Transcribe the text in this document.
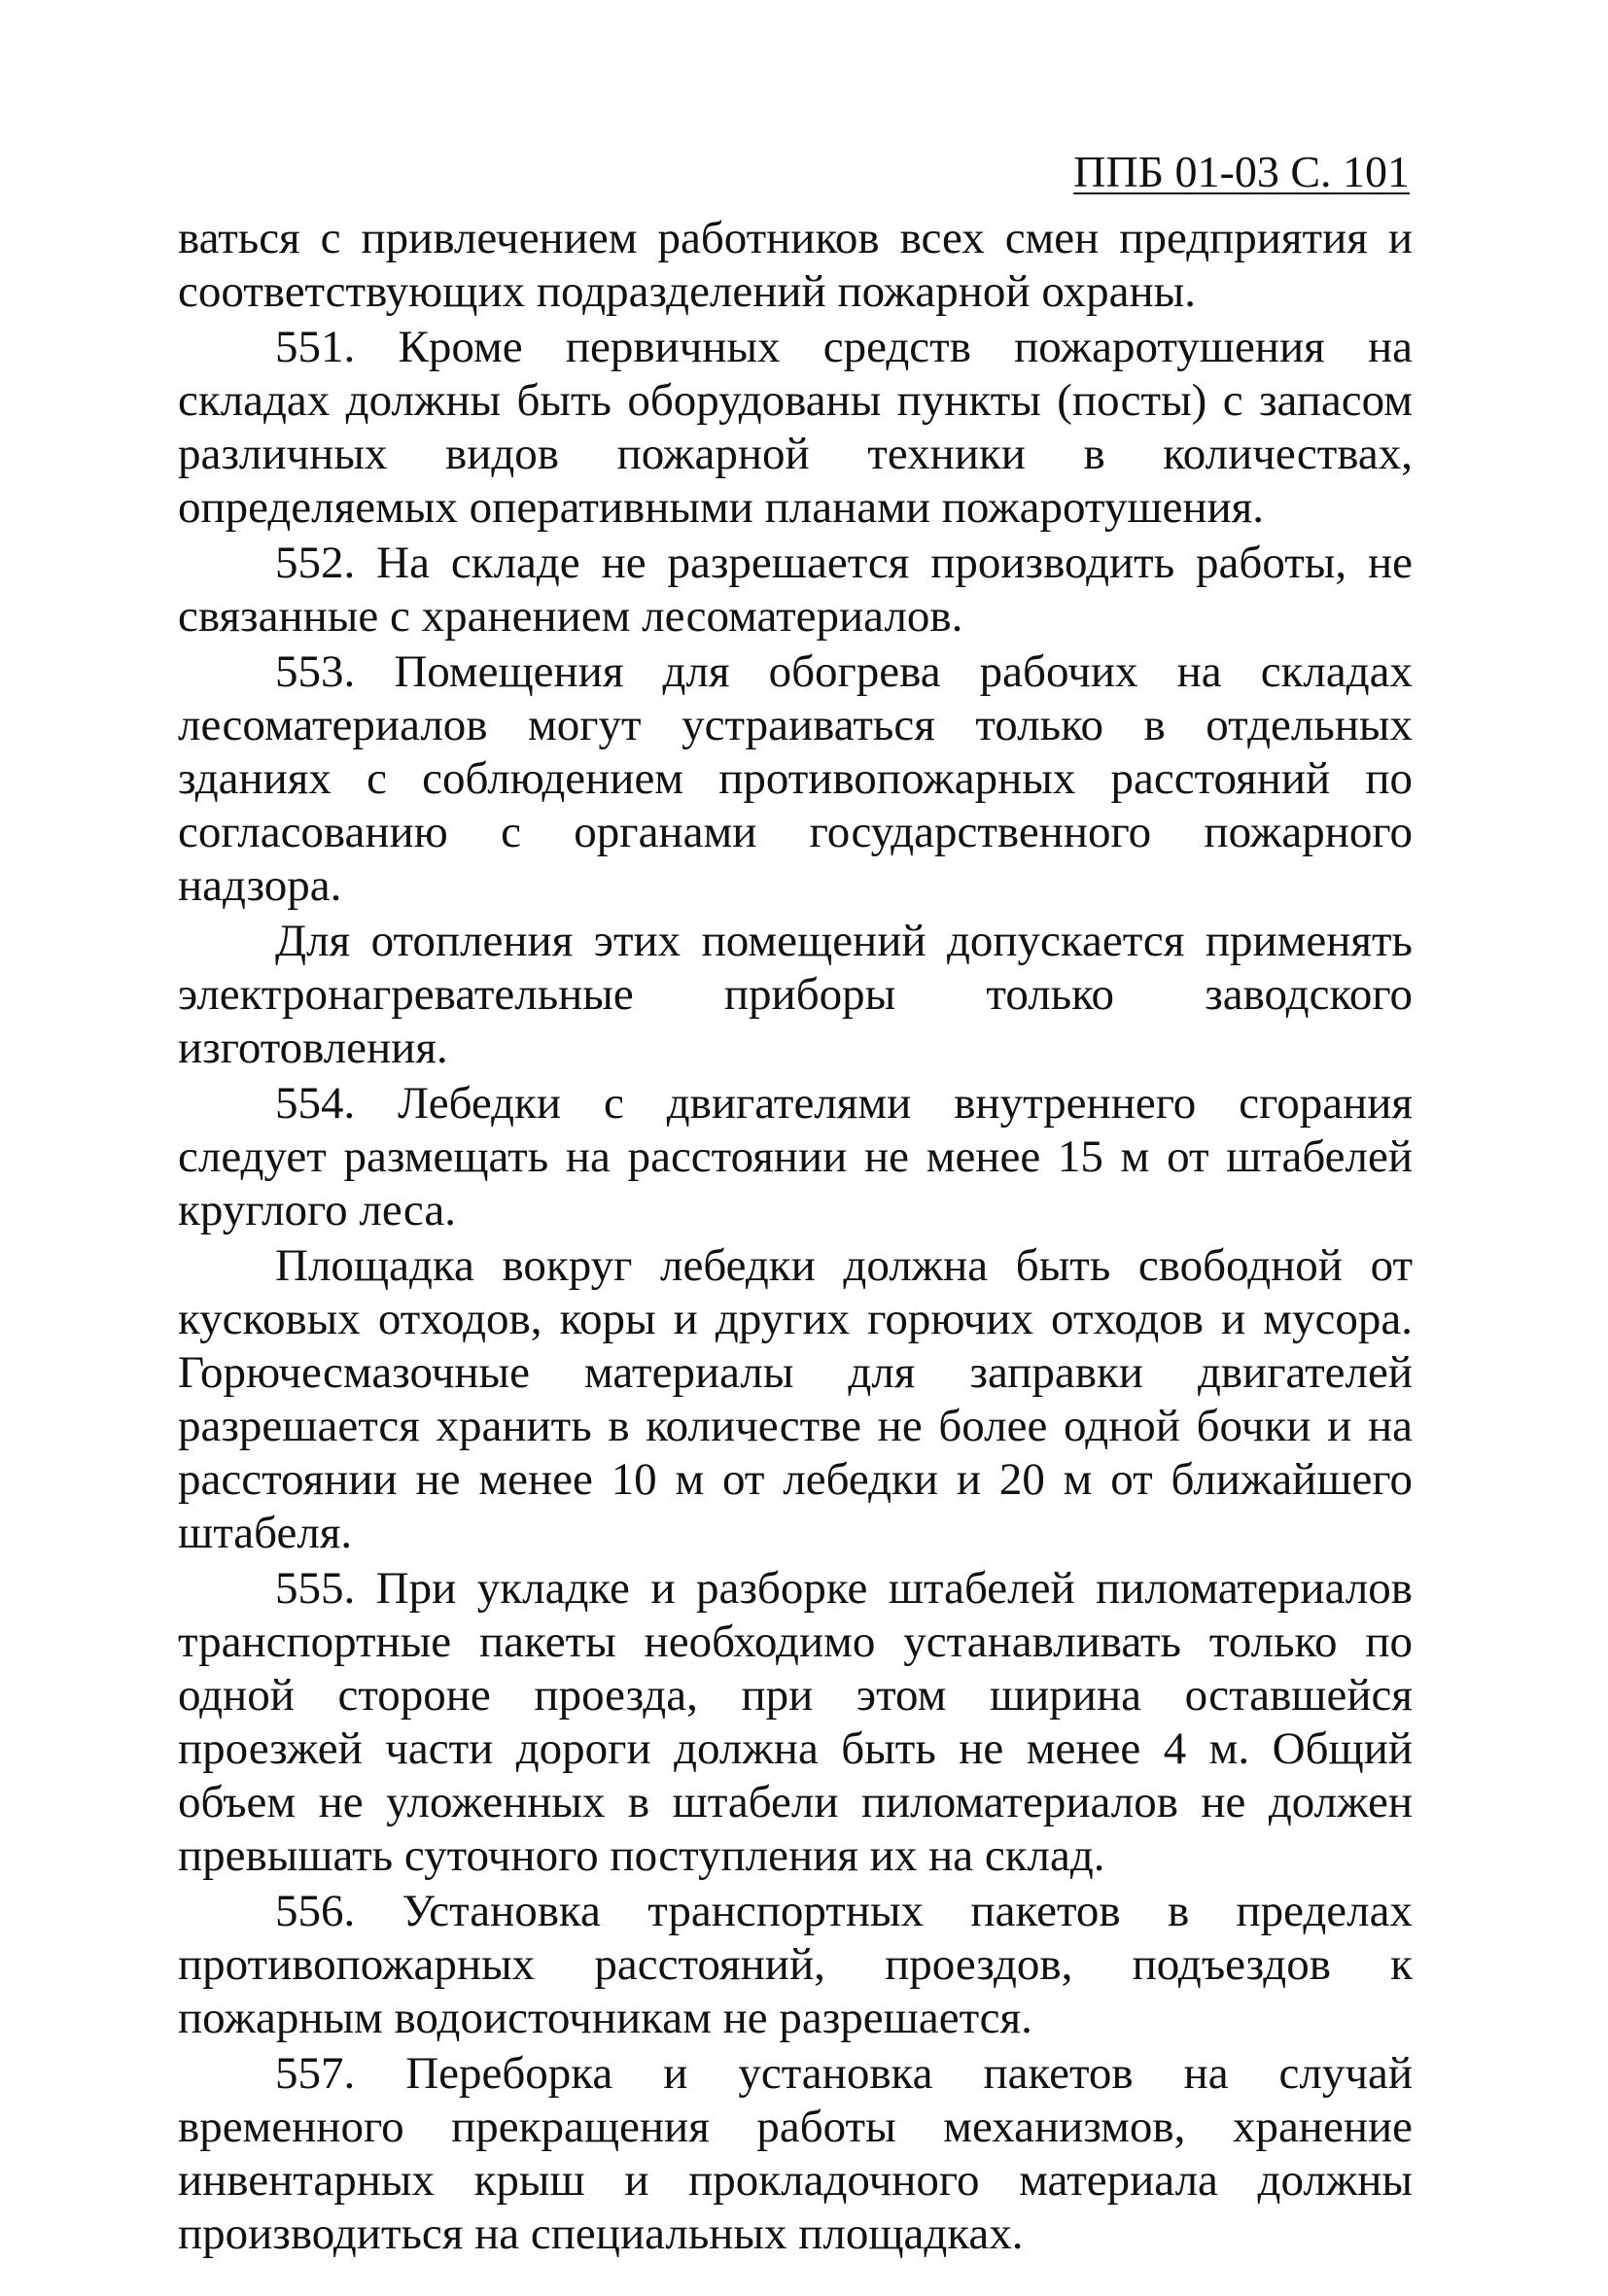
ППБ 01-03 С. 101

ваться с привлечением работников всех смен предприятия и соответствующих подразделений пожарной охраны.

551. Кроме первичных средств пожаротушения на складах должны быть оборудованы пункты (посты) с запасом различных видов пожарной техники в количествах, определяемых оперативными планами пожаротушения.

552. На складе не разрешается производить работы, не связанные с хранением лесоматериалов.

553. Помещения для обогрева рабочих на складах лесоматериалов могут устраиваться только в отдельных зданиях с соблюдением противопожарных расстояний по согласованию с органами государственного пожарного надзора.

Для отопления этих помещений допускается применять электронагревательные приборы только заводского изготовления.

554. Лебедки с двигателями внутреннего сгорания следует размещать на расстоянии не менее 15 м от штабелей круглого леса.

Площадка вокруг лебедки должна быть свободной от кусковых отходов, коры и других горючих отходов и мусора. Горючесмазочные материалы для заправки двигателей разрешается хранить в количестве не более одной бочки и на расстоянии не менее 10 м от лебедки и 20 м от ближайшего штабеля.

555. При укладке и разборке штабелей пиломатериалов транспортные пакеты необходимо устанавливать только по одной стороне проезда, при этом ширина оставшейся проезжей части дороги должна быть не менее 4 м. Общий объем не уложенных в штабели пиломатериалов не должен превышать суточного поступления их на склад.

556. Установка транспортных пакетов в пределах противопожарных расстояний, проездов, подъездов к пожарным водоисточникам не разрешается.

557. Переборка и установка пакетов на случай временного прекращения работы механизмов, хранение инвентарных крыш и прокладочного материала должны производиться на специальных площадках.
